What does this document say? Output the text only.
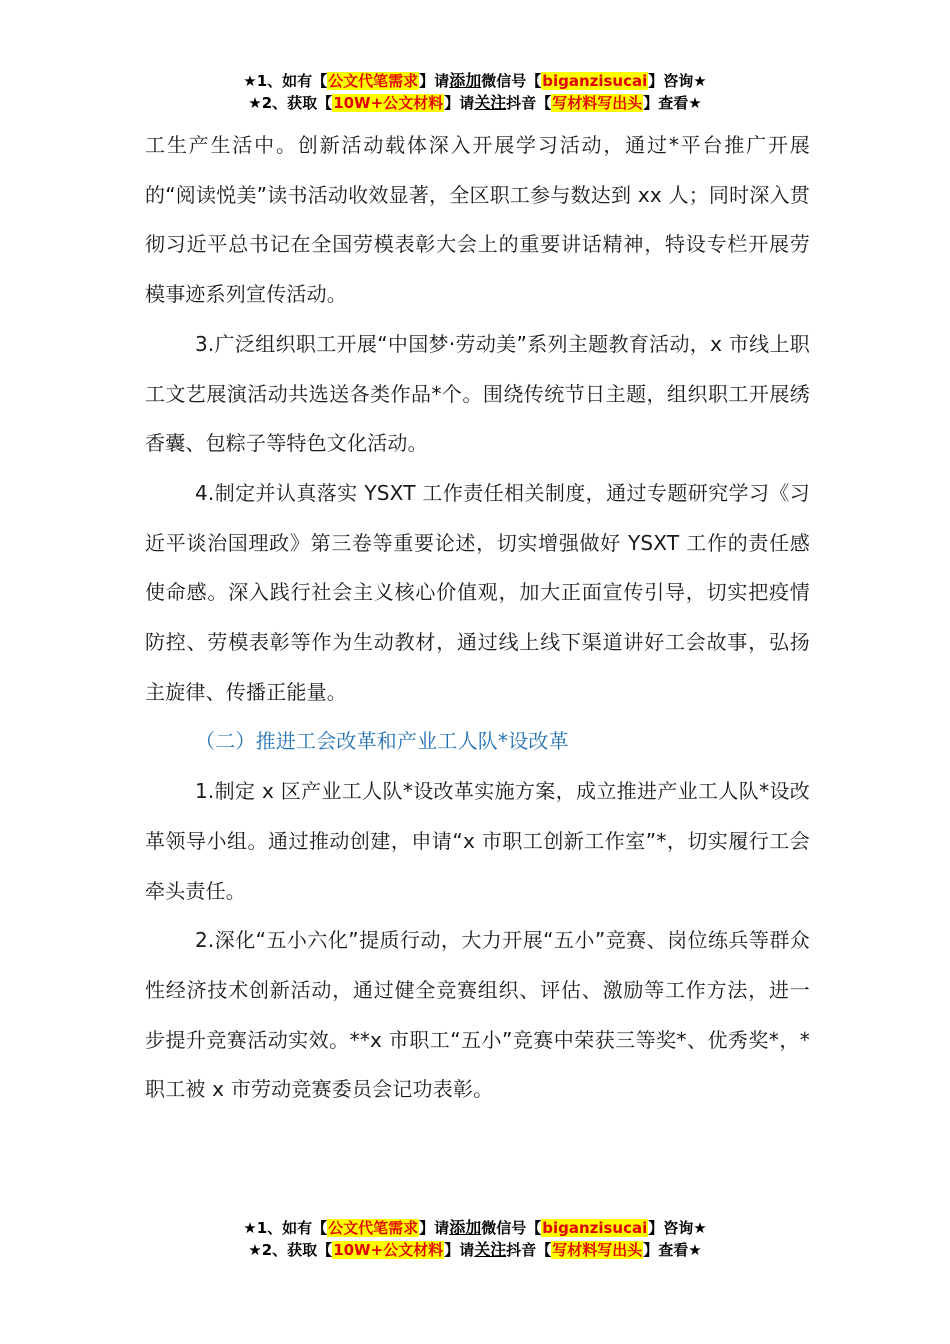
★1、如有【公文代笔需求】请添加微信号【biganzisucai】咨询★
★2、获取【10W+公文材料】请关注抖音【写材料写出头】查看★

工生产生活中。创新活动载体深入开展学习活动，通过*平台推广开展的“阅读悦美”读书活动收效显著，全区职工参与数达到 xx 人；同时深入贯彻习近平总书记在全国劳模表彰大会上的重要讲话精神，特设专栏开展劳模事迹系列宣传活动。

3.广泛组织职工开展“中国梦·劳动美”系列主题教育活动，x 市线上职工文艺展演活动共选送各类作品*个。围绕传统节日主题，组织职工开展绣香囊、包粽子等特色文化活动。

4.制定并认真落实 YSXT 工作责任相关制度，通过专题研究学习《习近平谈治国理政》第三卷等重要论述，切实增强做好 YSXT 工作的责任感使命感。深入践行社会主义核心价值观，加大正面宣传引导，切实把疫情防控、劳模表彰等作为生动教材，通过线上线下渠道讲好工会故事，弘扬主旋律、传播正能量。

（二）推进工会改革和产业工人队*设改革

1.制定 x 区产业工人队*设改革实施方案，成立推进产业工人队*设改革领导小组。通过推动创建，申请“x 市职工创新工作室”*，切实履行工会牵头责任。

2.深化“五小六化”提质行动，大力开展“五小”竞赛、岗位练兵等群众性经济技术创新活动，通过健全竞赛组织、评估、激励等工作方法，进一步提升竞赛活动实效。**x 市职工“五小”竞赛中荣获三等奖*、优秀奖*，*职工被 x 市劳动竞赛委员会记功表彰。

★1、如有【公文代笔需求】请添加微信号【biganzisucai】咨询★
★2、获取【10W+公文材料】请关注抖音【写材料写出头】查看★
